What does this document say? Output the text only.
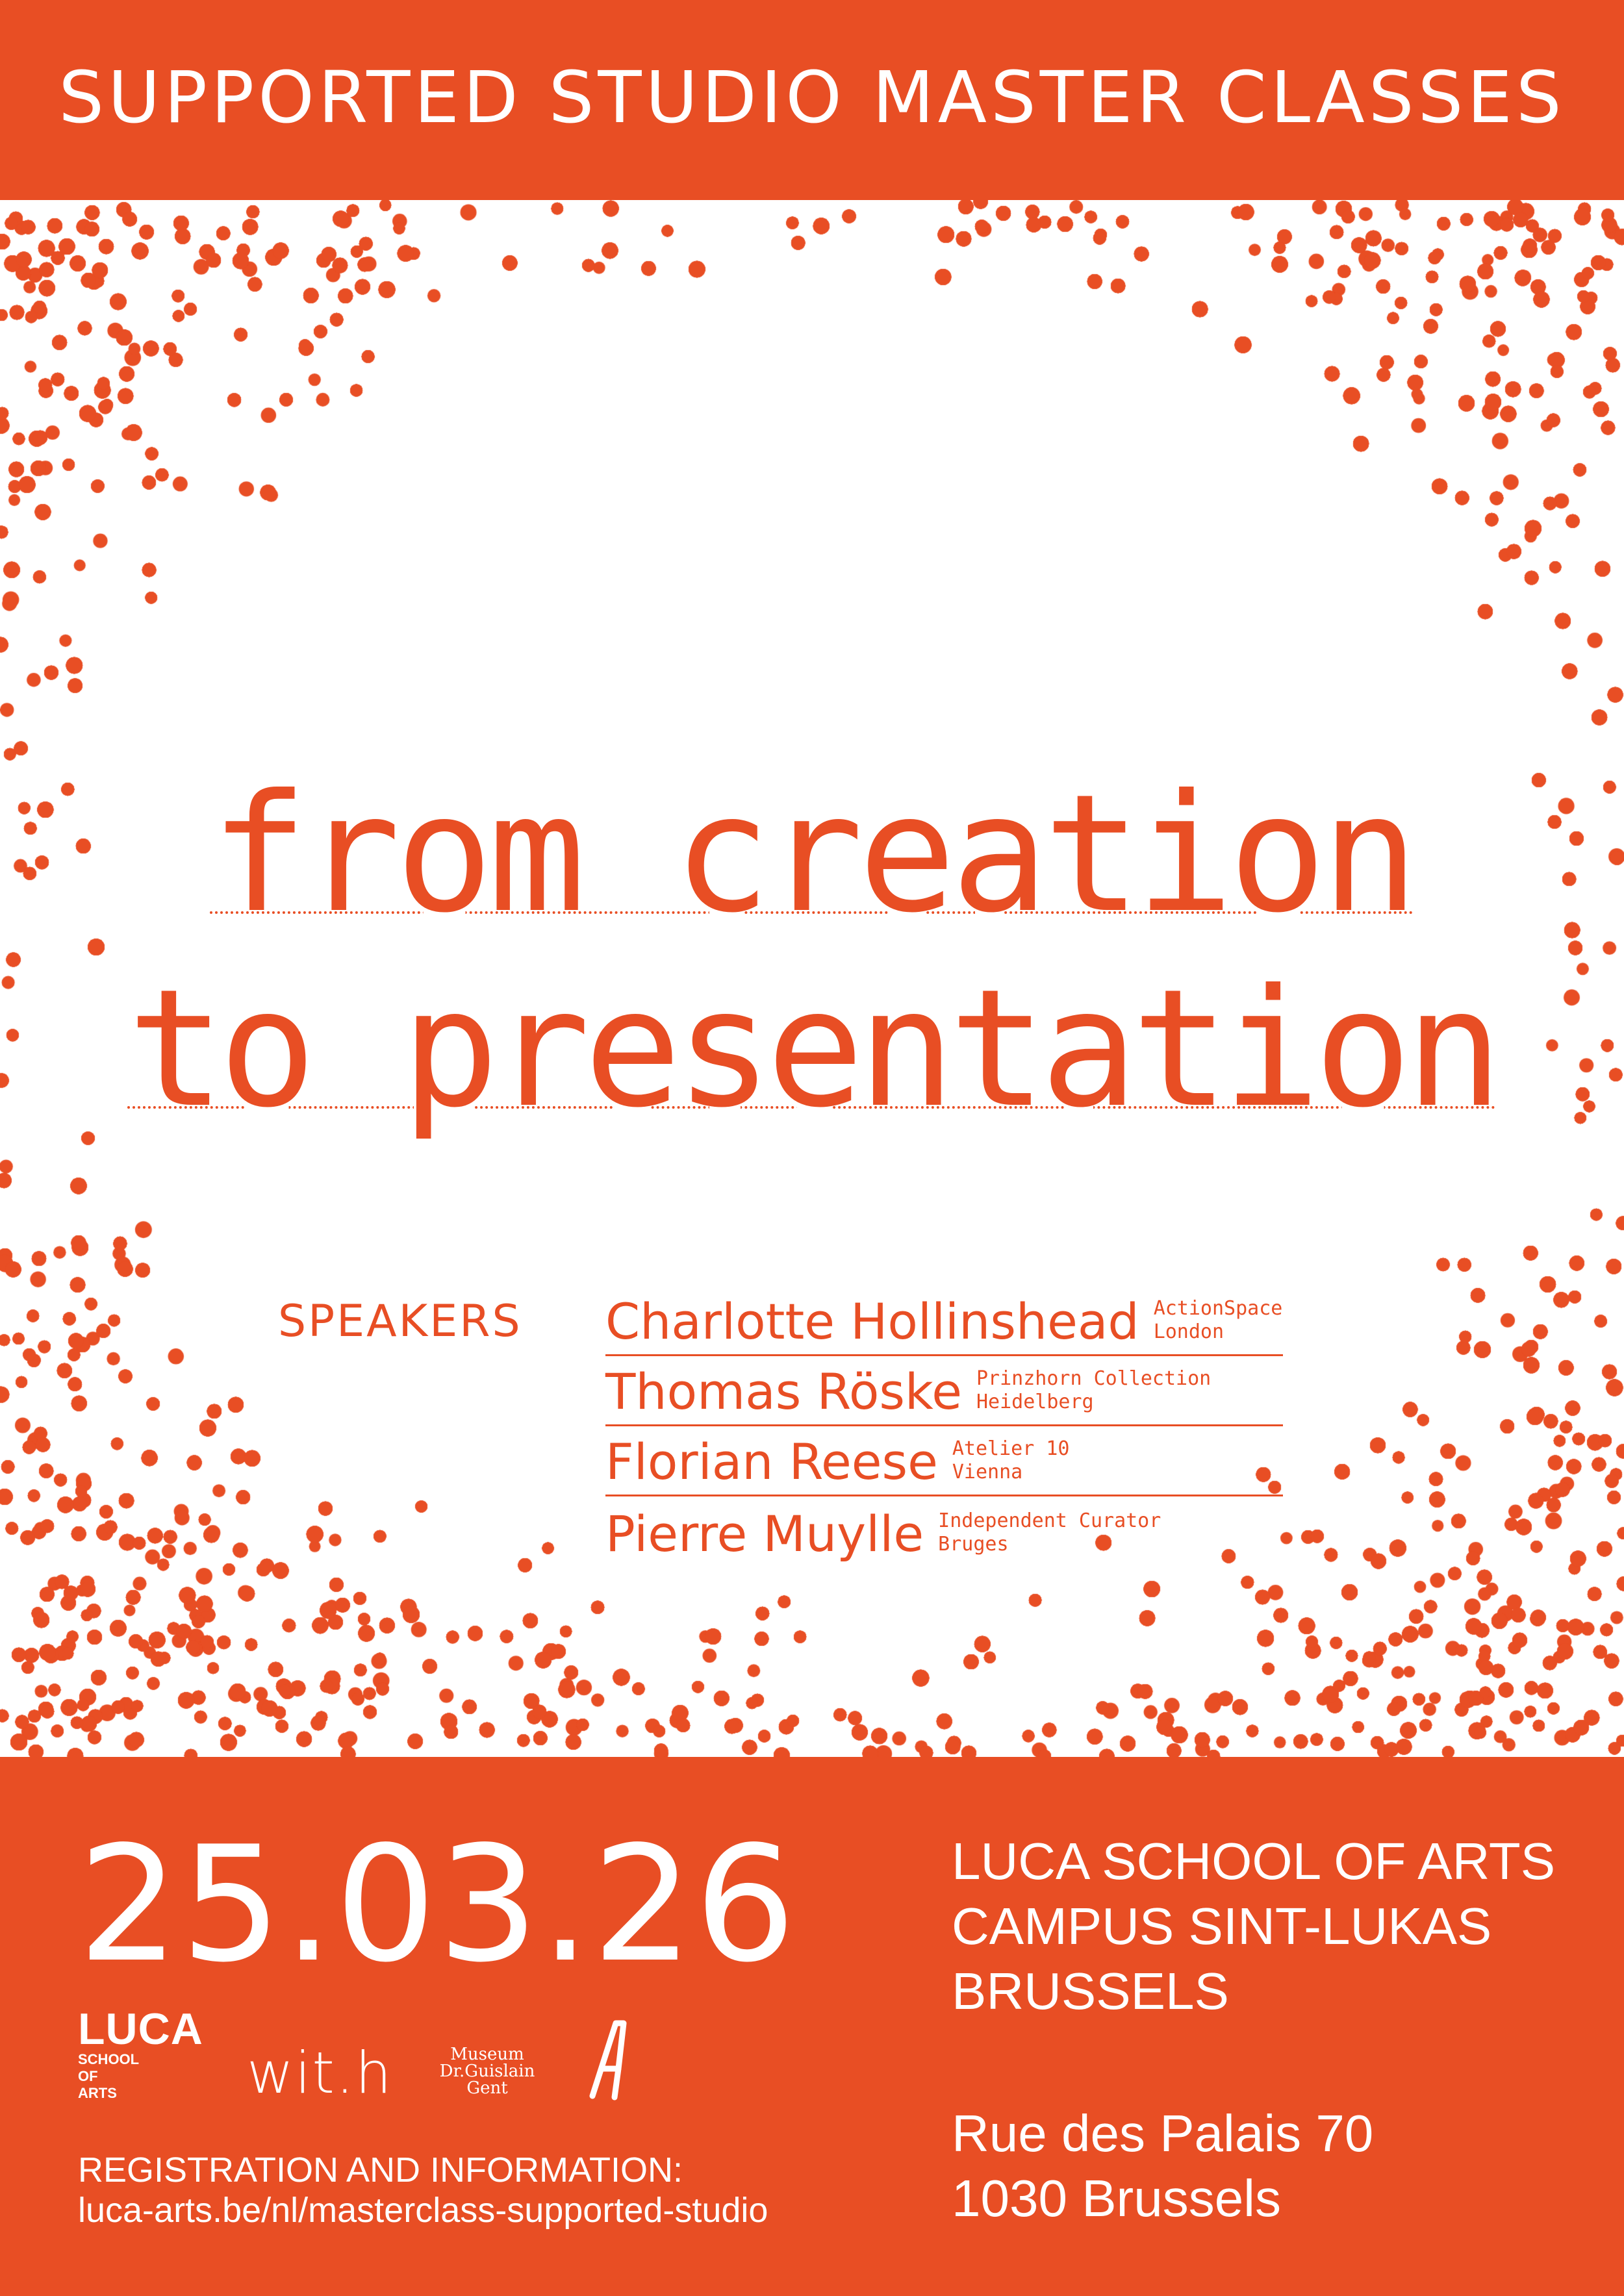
SUPPORTED STUDIO MASTER CLASSES
from creation
to presentation
SPEAKERS Charlotte Hollinshead ActionSpace
London
Thomas Röske Prinzhorn Collection
Heidelberg
Florian Reese Atelier 10
Vienna
Pierre Muylle Independent Curator
Bruges
25.03.26	LUCA SCHOOL OF ARTS
CAMPUS SINT-LUKAS
BRUSSELS
Rue des Palais 70
1030 Brussels
LUCA
SCHOOL
OF
ARTS	wit.h	Museum
Dr.Guislain
Gent
REGISTRATION AND INFORMATION:
luca-arts.be/nl/masterclass-supported-studio
